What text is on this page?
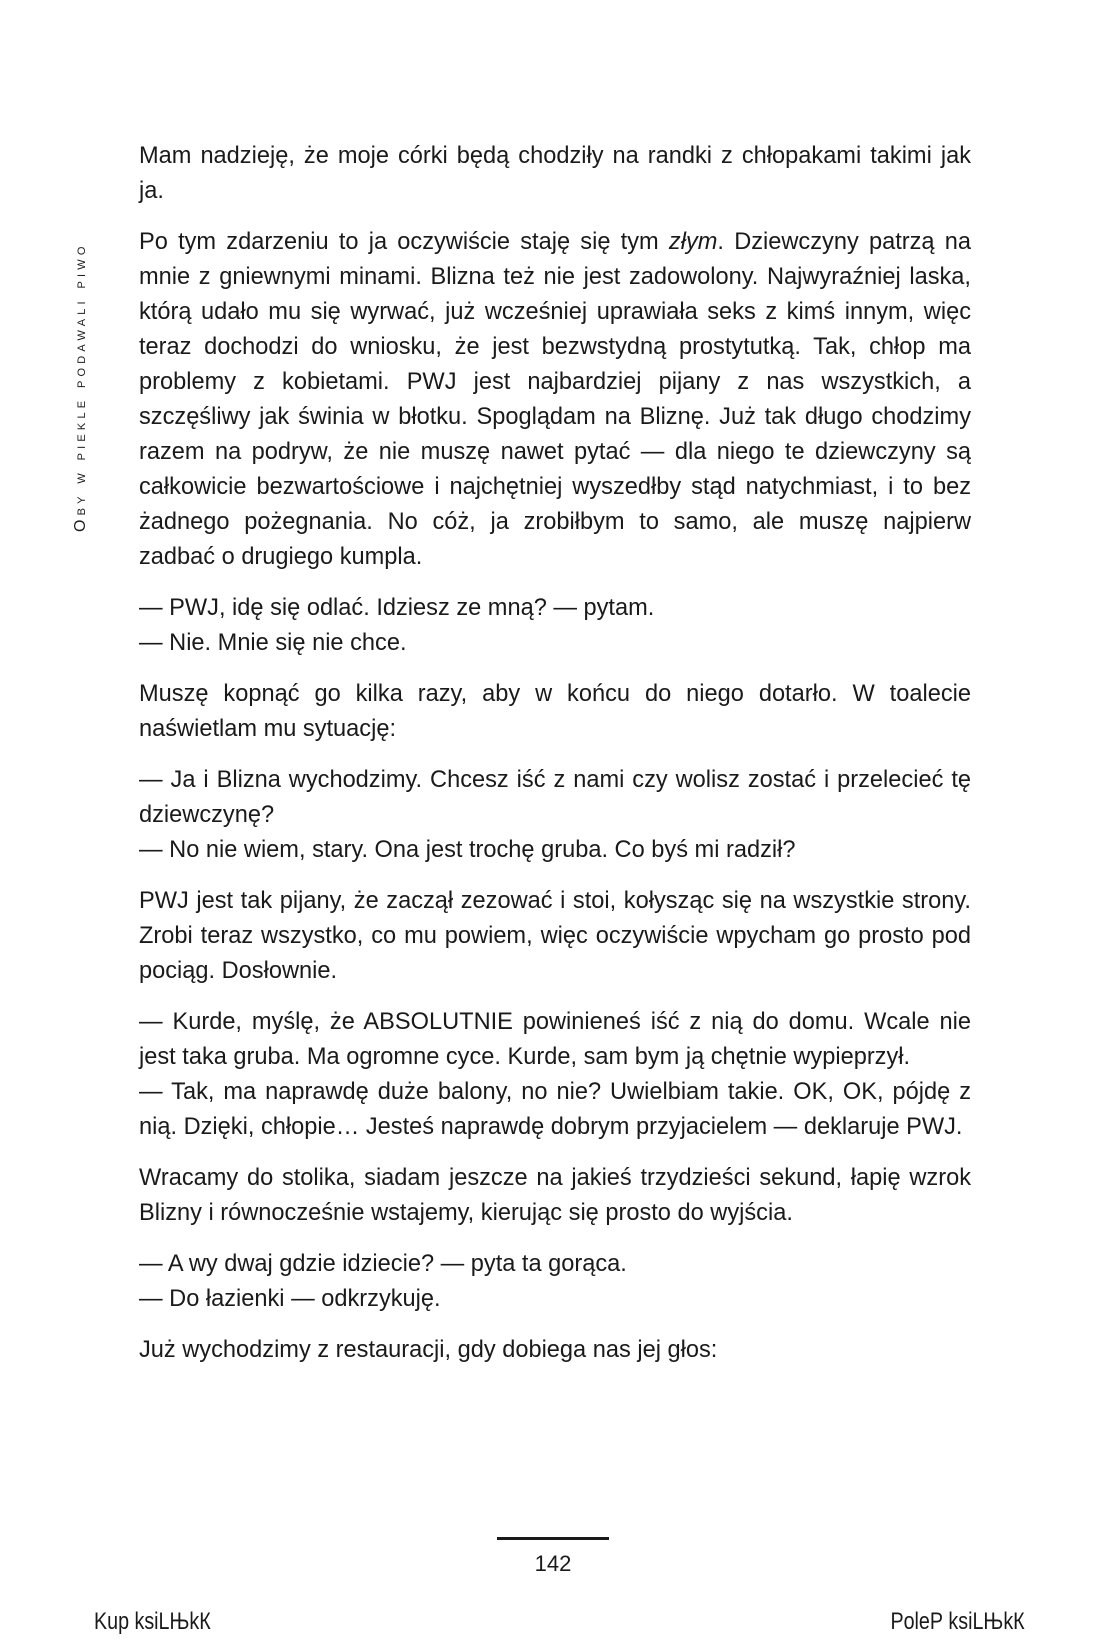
Oby w piekle podawali piwo

Mam nadzieję, że moje córki będą chodziły na randki z chłopakami takimi jak ja.

Po tym zdarzeniu to ja oczywiście staję się tym złym. Dziewczyny patrzą na mnie z gniewnymi minami. Blizna też nie jest zadowolony. Najwyraźniej laska, którą udało mu się wyrwać, już wcześniej uprawiała seks z kimś innym, więc teraz dochodzi do wniosku, że jest bezwstydną prostytutką. Tak, chłop ma problemy z kobietami. PWJ jest najbardziej pijany z nas wszystkich, a szczęśliwy jak świnia w błotku. Spoglądam na Bliznę. Już tak długo chodzimy razem na podryw, że nie muszę nawet pytać — dla niego te dziewczyny są całkowicie bezwartościowe i najchętniej wyszedłby stąd natychmiast, i to bez żadnego pożegnania. No cóż, ja zrobiłbym to samo, ale muszę najpierw zadbać o drugiego kumpla.

— PWJ, idę się odlać. Idziesz ze mną? — pytam.

— Nie. Mnie się nie chce.

Muszę kopnąć go kilka razy, aby w końcu do niego dotarło. W toalecie naświetlam mu sytuację:

— Ja i Blizna wychodzimy. Chcesz iść z nami czy wolisz zostać i przelecieć tę dziewczynę?

— No nie wiem, stary. Ona jest trochę gruba. Co byś mi radził?

PWJ jest tak pijany, że zaczął zezować i stoi, kołysząc się na wszystkie strony. Zrobi teraz wszystko, co mu powiem, więc oczywiście wpycham go prosto pod pociąg. Dosłownie.

— Kurde, myślę, że ABSOLUTNIE powinieneś iść z nią do domu. Wcale nie jest taka gruba. Ma ogromne cyce. Kurde, sam bym ją chętnie wypieprzył.

— Tak, ma naprawdę duże balony, no nie? Uwielbiam takie. OK, OK, pójdę z nią. Dzięki, chłopie… Jesteś naprawdę dobrym przyjacielem — deklaruje PWJ.

Wracamy do stolika, siadam jeszcze na jakieś trzydzieści sekund, łapię wzrok Blizny i równocześnie wstajemy, kierując się prosto do wyjścia.

— A wy dwaj gdzie idziecie? — pyta ta gorąca.

— Do łazienki — odkrzykuję.

Już wychodzimy z restauracji, gdy dobiega nas jej głos:

142
Kup ksiLЊkК	PoleР ksiLЊkК
